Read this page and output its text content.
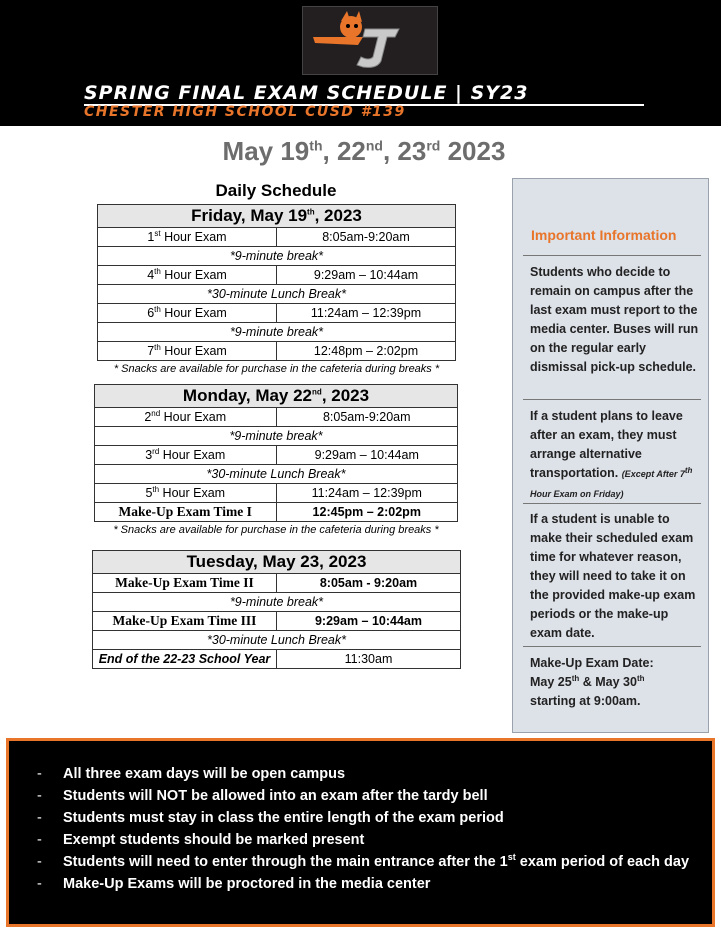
SPRING FINAL EXAM SCHEDULE | SY23
CHESTER HIGH SCHOOL CUSD #139
May 19th, 22nd, 23rd 2023
Daily Schedule
Friday, May 19th, 2023	
1st Hour Exam	8:05am-9:20am
*9-minute break*	
4th Hour Exam	9:29am – 10:44am
*30-minute Lunch Break*	
6th Hour Exam	11:24am – 12:39pm
*9-minute break*	
7th Hour Exam	12:48pm – 2:02pm
* Snacks are available for purchase in the cafeteria during breaks *	
Monday, May 22nd, 2023	
2nd Hour Exam	8:05am-9:20am
*9-minute break*	
3rd Hour Exam	9:29am – 10:44am
*30-minute Lunch Break*	
5th Hour Exam	11:24am – 12:39pm
Make-Up Exam Time I	12:45pm – 2:02pm
* Snacks are available for purchase in the cafeteria during breaks *	
Tuesday, May 23, 2023	
Make-Up Exam Time II	8:05am - 9:20am
*9-minute break*	
Make-Up Exam Time III	9:29am – 10:44am
*30-minute Lunch Break*	
End of the 22-23 School Year	11:30am
Important Information
Students who decide to remain on campus after the last exam must report to the media center. Buses will run on the regular early dismissal pick-up schedule.
If a student plans to leave after an exam, they must arrange alternative transportation. (Except After 7th Hour Exam on Friday)
If a student is unable to make their scheduled exam time for whatever reason, they will need to take it on the provided make-up exam periods or the make-up exam date.
Make-Up Exam Date:
May 25th & May 30th
starting at 9:00am.
- All three exam days will be open campus
- Students will NOT be allowed into an exam after the tardy bell
- Students must stay in class the entire length of the exam period
- Exempt students should be marked present
- Students will need to enter through the main entrance after the 1st exam period of each day
- Make-Up Exams will be proctored in the media center
